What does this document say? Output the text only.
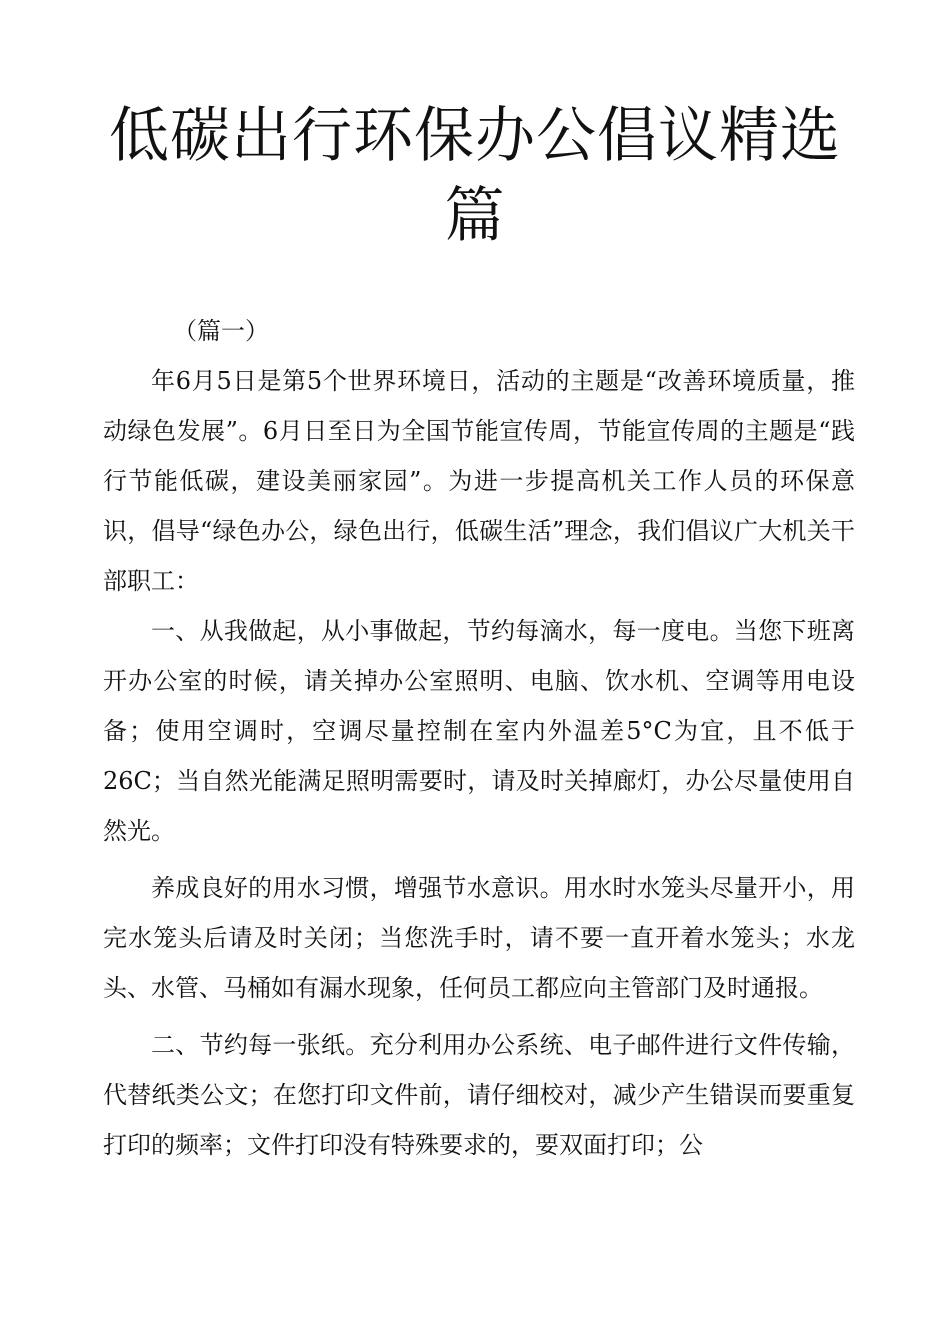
低碳出行环保办公倡议精选
篇
（篇一）

年6月5日是第5个世界环境日，活动的主题是“改善环境质量，推动绿色发展”。6月日至日为全国节能宣传周，节能宣传周的主题是“践行节能低碳，建设美丽家园”。为进一步提高机关工作人员的环保意识，倡导“绿色办公，绿色出行，低碳生活”理念，我们倡议广大机关干部职工：

一、从我做起，从小事做起，节约每滴水，每一度电。当您下班离开办公室的时候，请关掉办公室照明、电脑、饮水机、空调等用电设备；使用空调时，空调尽量控制在室内外温差5°C为宜，且不低于26C；当自然光能满足照明需要时，请及时关掉廊灯，办公尽量使用自然光。

养成良好的用水习惯，增强节水意识。用水时水笼头尽量开小，用完水笼头后请及时关闭；当您洗手时，请不要一直开着水笼头；水龙头、水管、马桶如有漏水现象，任何员工都应向主管部门及时通报。

二、节约每一张纸。充分利用办公系统、电子邮件进行文件传输，代替纸类公文；在您打印文件前，请仔细校对，减少产生错误而要重复打印的频率；文件打印没有特殊要求的，要双面打印；公
